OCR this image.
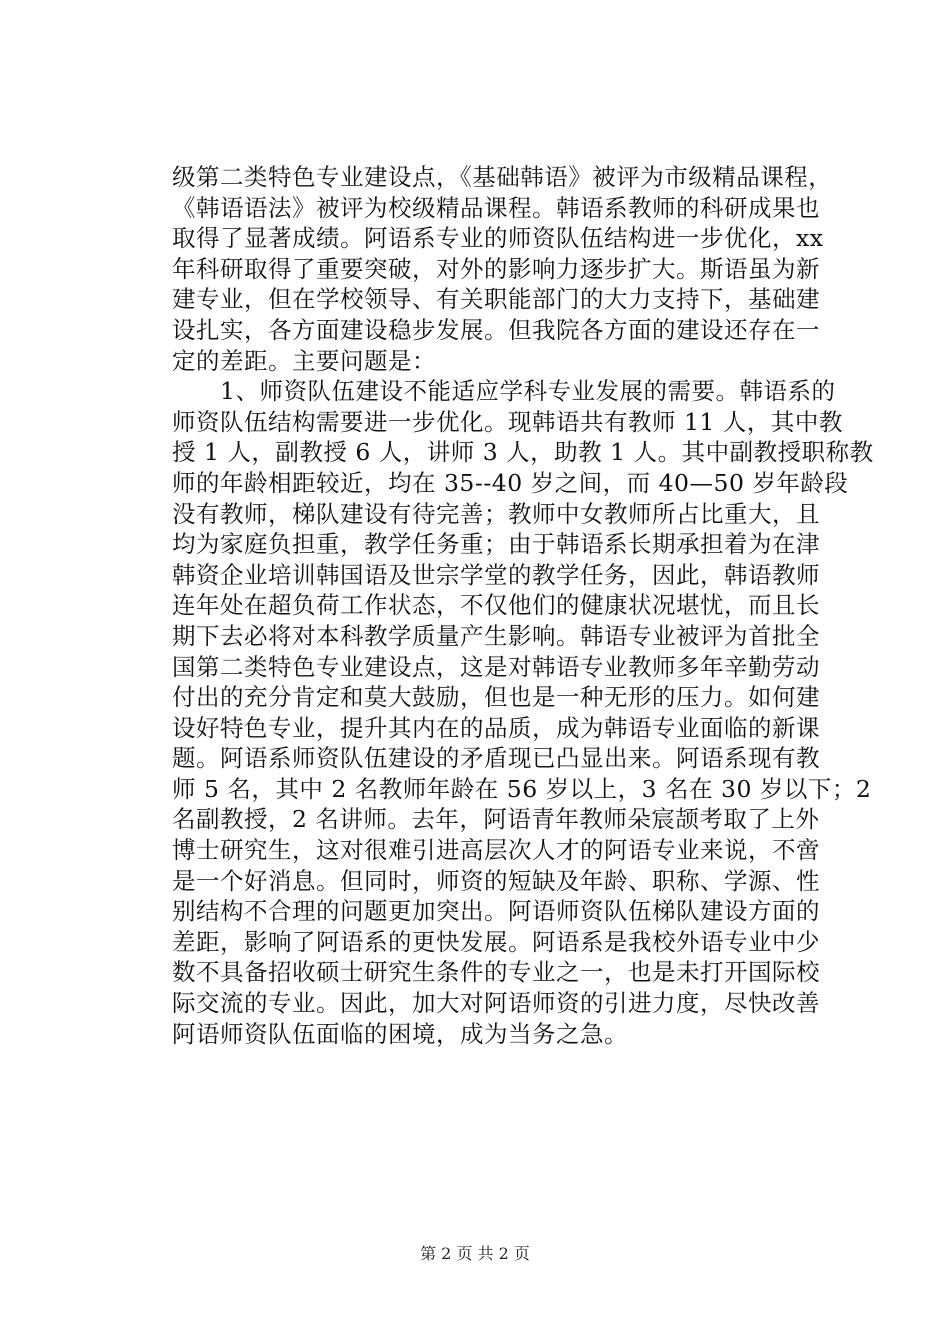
级第二类特色专业建设点，《基础韩语》被评为市级精品课程，
《韩语语法》被评为校级精品课程。韩语系教师的科研成果也
取得了显著成绩。阿语系专业的师资队伍结构进一步优化，xx
年科研取得了重要突破，对外的影响力逐步扩大。斯语虽为新
建专业，但在学校领导、有关职能部门的大力支持下，基础建
设扎实，各方面建设稳步发展。但我院各方面的建设还存在一
定的差距。主要问题是：
　　1、师资队伍建设不能适应学科专业发展的需要。韩语系的
师资队伍结构需要进一步优化。现韩语共有教师 11 人，其中教
授 1 人，副教授 6 人，讲师 3 人，助教 1 人。其中副教授职称教
师的年龄相距较近，均在 35--40 岁之间，而 40—50 岁年龄段
没有教师，梯队建设有待完善；教师中女教师所占比重大，且
均为家庭负担重，教学任务重；由于韩语系长期承担着为在津
韩资企业培训韩国语及世宗学堂的教学任务，因此，韩语教师
连年处在超负荷工作状态，不仅他们的健康状况堪忧，而且长
期下去必将对本科教学质量产生影响。韩语专业被评为首批全
国第二类特色专业建设点，这是对韩语专业教师多年辛勤劳动
付出的充分肯定和莫大鼓励，但也是一种无形的压力。如何建
设好特色专业，提升其内在的品质，成为韩语专业面临的新课
题。阿语系师资队伍建设的矛盾现已凸显出来。阿语系现有教
师 5 名，其中 2 名教师年龄在 56 岁以上，3 名在 30 岁以下；2
名副教授，2 名讲师。去年，阿语青年教师朵宸颉考取了上外
博士研究生，这对很难引进高层次人才的阿语专业来说，不啻
是一个好消息。但同时，师资的短缺及年龄、职称、学源、性
别结构不合理的问题更加突出。阿语师资队伍梯队建设方面的
差距，影响了阿语系的更快发展。阿语系是我校外语专业中少
数不具备招收硕士研究生条件的专业之一，也是未打开国际校
际交流的专业。因此，加大对阿语师资的引进力度，尽快改善
阿语师资队伍面临的困境，成为当务之急。
第 2 页 共 2 页
